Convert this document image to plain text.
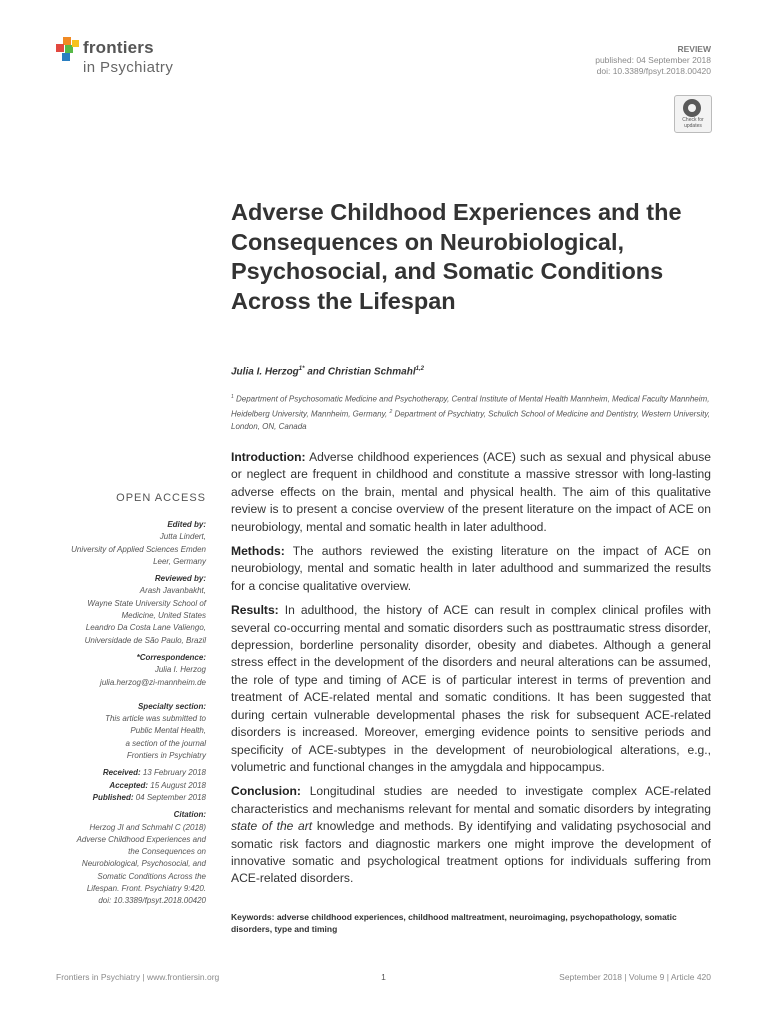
frontiers
in Psychiatry
REVIEW
published: 04 September 2018
doi: 10.3389/fpsyt.2018.00420
Check for updates
Adverse Childhood Experiences and the Consequences on Neurobiological, Psychosocial, and Somatic Conditions Across the Lifespan
Julia I. Herzog$^{1*}$ and Christian Schmahl$^{1,2}$
$^1$ Department of Psychosomatic Medicine and Psychotherapy, Central Institute of Mental Health Mannheim, Medical Faculty Mannheim, Heidelberg University, Mannheim, Germany, $^2$ Department of Psychiatry, Schulich School of Medicine and Dentistry, Western University, London, ON, Canada

Introduction: Adverse childhood experiences (ACE) such as sexual and physical abuse or neglect are frequent in childhood and constitute a massive stressor with long-lasting adverse effects on the brain, mental and physical health. The aim of this qualitative review is to present a concise overview of the present literature on the impact of ACE on neurobiology, mental and somatic health in later adulthood.

Methods: The authors reviewed the existing literature on the impact of ACE on neurobiology, mental and somatic health in later adulthood and summarized the results for a concise qualitative overview.

Results: In adulthood, the history of ACE can result in complex clinical profiles with several co-occurring mental and somatic disorders such as posttraumatic stress disorder, depression, borderline personality disorder, obesity and diabetes. Although a general stress effect in the development of the disorders and neural alterations can be assumed, the role of type and timing of ACE is of particular interest in terms of prevention and treatment of ACE-related mental and somatic conditions. It has been suggested that during certain vulnerable developmental phases the risk for subsequent ACE-related disorders is increased. Moreover, emerging evidence points to sensitive periods and specificity of ACE-subtypes in the development of neurobiological alterations, e.g., volumetric and functional changes in the amygdala and hippocampus.

Conclusion: Longitudinal studies are needed to investigate complex ACE-related characteristics and mechanisms relevant for mental and somatic disorders by integrating state of the art knowledge and methods. By identifying and validating psychosocial and somatic risk factors and diagnostic markers one might improve the development of innovative somatic and psychological treatment options for individuals suffering from ACE-related disorders.

Keywords: adverse childhood experiences, childhood maltreatment, neuroimaging, psychopathology, somatic disorders, type and timing
OPEN ACCESS
Edited by:
Jutta Lindert,
University of Applied Sciences Emden
Leer, Germany
Reviewed by:
Arash Javanbakht,
Wayne State University School of
Medicine, United States
Leandro Da Costa Lane Valiengo,
Universidade de São Paulo, Brazil
*Correspondence:
Julia I. Herzog
julia.herzog@zi-mannheim.de
Specialty section:
This article was submitted to
Public Mental Health,
a section of the journal
Frontiers in Psychiatry
Received: 13 February 2018
Accepted: 15 August 2018
Published: 04 September 2018
Citation:
Herzog JI and Schmahl C (2018)
Adverse Childhood Experiences and
the Consequences on
Neurobiological, Psychosocial, and
Somatic Conditions Across the
Lifespan. Front. Psychiatry 9:420.
doi: 10.3389/fpsyt.2018.00420
Frontiers in Psychiatry | www.frontiersin.org	1	September 2018 | Volume 9 | Article 420
